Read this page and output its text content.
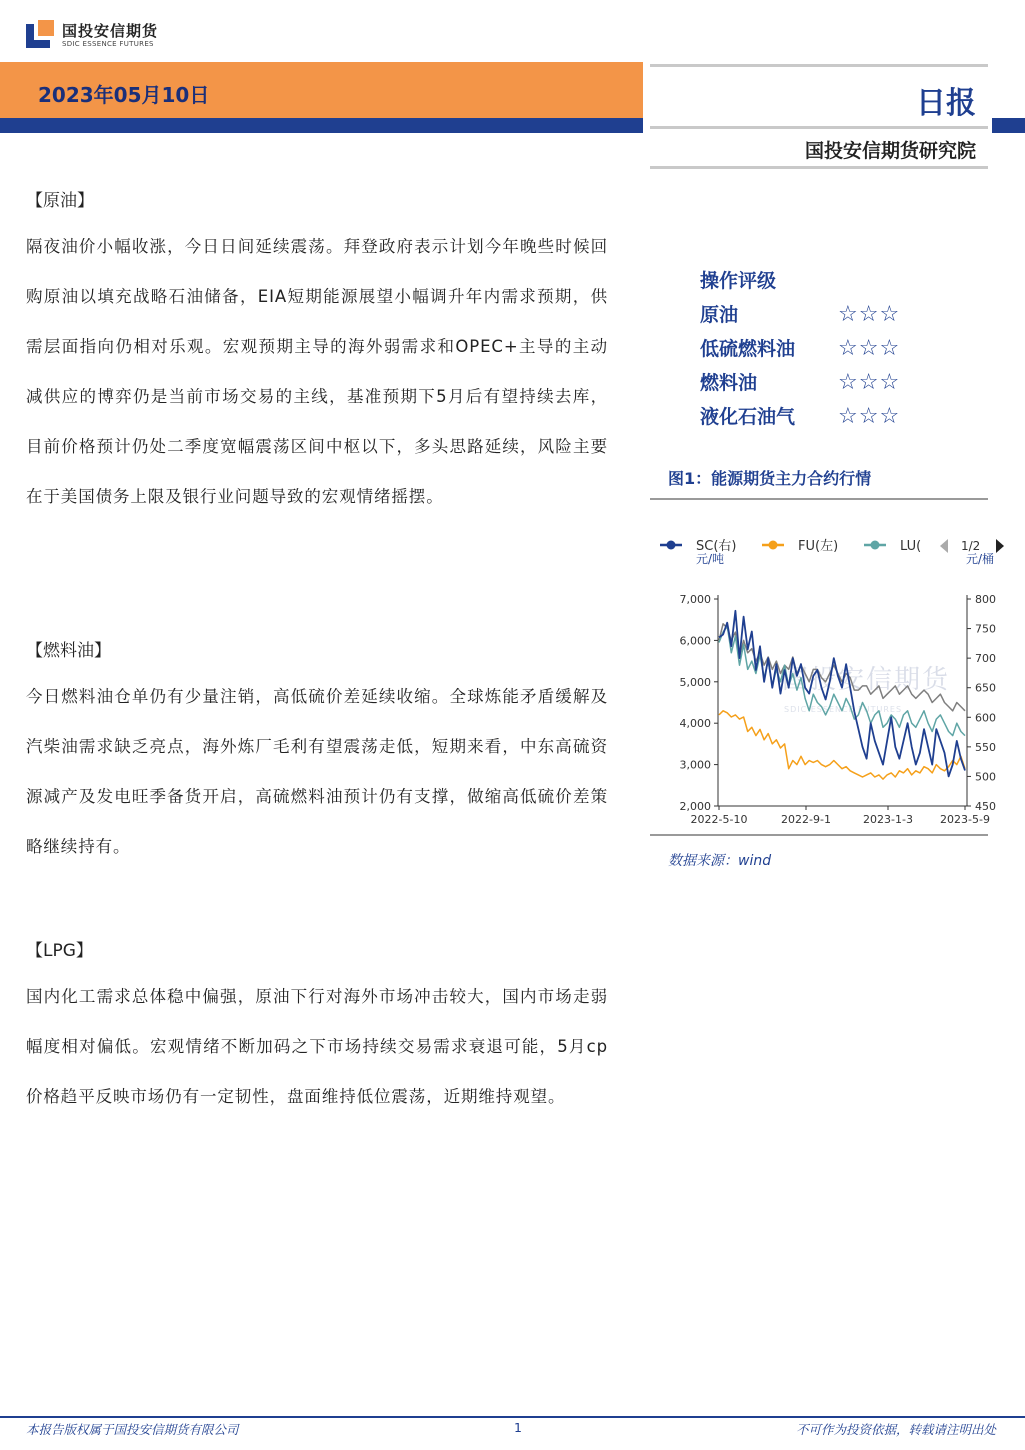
国投安信期货
SDIC ESSENCE FUTURES
2023年05月10日	日报
国投安信期货研究院
【原油】
隔夜油价小幅收涨，今日日间延续震荡。拜登政府表示计划今年晚些时候回购原油以填充战略石油储备，EIA短期能源展望小幅调升年内需求预期，供需层面指向仍相对乐观。宏观预期主导的海外弱需求和OPEC+主导的主动减供应的博弈仍是当前市场交易的主线，基准预期下5月后有望持续去库，目前价格预计仍处二季度宽幅震荡区间中枢以下，多头思路延续，风险主要在于美国债务上限及银行业问题导致的宏观情绪摇摆。
【燃料油】
今日燃料油仓单仍有少量注销，高低硫价差延续收缩。全球炼能矛盾缓解及汽柴油需求缺乏亮点，海外炼厂毛利有望震荡走低，短期来看，中东高硫资源减产及发电旺季备货开启，高硫燃料油预计仍有支撑，做缩高低硫价差策略继续持有。
【LPG】
国内化工需求总体稳中偏强，原油下行对海外市场冲击较大，国内市场走弱幅度相对偏低。宏观情绪不断加码之下市场持续交易需求衰退可能，5月cp价格趋平反映市场仍有一定韧性，盘面维持低位震荡，近期维持观望。
操作评级
原油	☆☆☆
低硫燃料油 ☆☆☆
燃料油	☆☆☆
液化石油气 ☆☆☆
图1：能源期货主力合约行情
SC(右)	FU(左)	LU(	1/2
元/吨	元/桶
国投安信期货
SDIC ESSENCE FUTURES
7,000
6,000
5,000
4,000
3,000
2,000
800
750
700
650
600
550
500
450
2022-5-10	2022-9-1	2023-1-3 2023-5-9
数据来源：wind
本报告版权属于国投安信期货有限公司	1	不可作为投资依据，转载请注明出处
